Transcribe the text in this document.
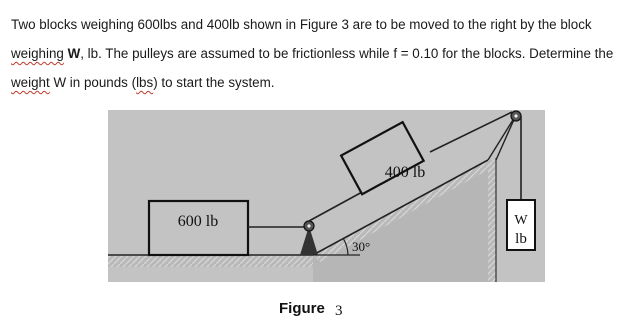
Two blocks weighing 600lbs and 400lb shown in Figure 3 are to be moved to the right by the block
weighing W, lb. The pulleys are assumed to be frictionless while f = 0.10 for the blocks. Determine the
weight W in pounds (lbs) to start the system.
600 lb
400 lb
W
lb
30°
Figure 3
